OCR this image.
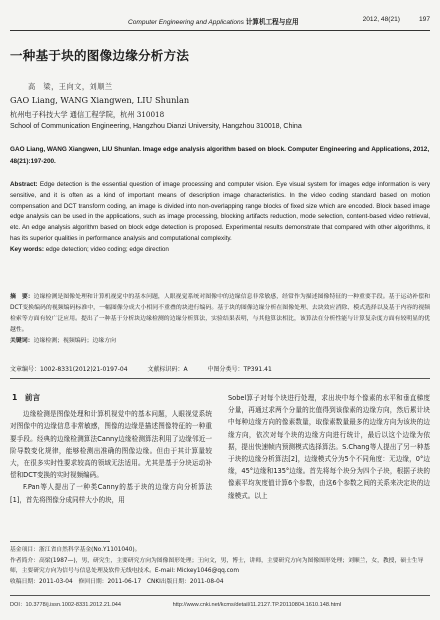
Computer Engineering and Applications 计算机工程与应用	2012, 48(21)	197
一种基于块的图像边缘分析方法
高　梁，王向文，刘顺兰
GAO Liang, WANG Xiangwen, LIU Shunlan
杭州电子科技大学 通信工程学院，杭州 310018
School of Communication Engineering, Hangzhou Dianzi University, Hangzhou 310018, China
GAO Liang, WANG Xiangwen, LIU Shunlan. Image edge analysis algorithm based on block. Computer Engineering and Applications, 2012, 48(21):197-200.
Abstract: Edge detection is the essential question of image processing and computer vision. Eye visual system for images edge information is very sensitive, and it is often as a kind of important means of description image characteristics. In the video coding standard based on motion compensation and DCT transform coding, an image is divided into non-overlapping range blocks of fixed size which are encoded. Block based image edge analysis can be used in the applications, such as image processing, blocking artifacts reduction, mode selection, content-based video retrieval, etc. An edge analysis algorithm based on block edge detection is proposed. Experimental results demonstrate that compared with other algorithms, it has its superior qualities in performance analysis and computational complexity.
Key words: edge detection; video coding; edge direction
摘　要：边缘检测是图像处理和计算机视觉中的基本问题，人眼视觉系统对图像中的边缘信息非常敏感，经常作为描述图像特征的一种重要手段。基于运动补偿和DCT变换编码的视频编码标准中，一幅图像分成大小相同不重叠的块进行编码。基于块的图像边缘分析在图像处理、去块效应消除、模式选择以及基于内容的视频检索等方面有较广泛应用。提出了一种基于分析块边缘检测的边缘分析算法，实验结果表明，与其他算法相比，该算法在分析性能与计算复杂度方面有较明显的优越性。
关键词：边缘检测；视频编码；边缘方向
文章编号：1002-8331(2012)21-0197-04	文献标识码：A	中图分类号：TP391.41
1　前言

边缘检测是图像处理和计算机视觉中的基本问题，人眼视觉系统对图像中的边缘信息非常敏感，图像的边缘是描述图像特征的一种重要手段。经典的边缘检测算法Canny边缘检测算法利用了边缘邻近一阶导数变化规律，能够检测出准确的图像边缘。但由于其计算量较大，在很多实时性要求较高的领域无法适用。尤其是基于分块运动补偿和DCT变换的实时视频编码。

F.Pan等人提出了一种类Canny的基于块的边缘方向分析算法[1]，首先将图像分成同样大小的块，用

Sobel算子对每个块进行处理，求出块中每个像素的水平和垂直梯度分量，再通过求两个分量的比值得到该像素的边缘方向，然后累计块中每种边缘方向的像素数量，取像素数量最多的边缘方向为该块的边缘方向，依次对每个块的边缘方向进行统计，最后以这个边缘为依据，提出快速帧内预测模式选择算法。S.Chang等人提出了另一种基于块的边缘分析算法[2]，边缘模式分为5个不同角度：无边缘，0°边缘，45°边缘和135°边缘。首先将每个块分为四个子块，根据子块的像素平均灰度值计算6个参数，由这6个参数之间的关系来决定块的边缘模式。以上

基金项目：浙江省自然科学基金(No.Y1101040)。
作者简介：高梁(1987—)，男，研究生，主要研究方向为图像图形处理；王向文，男，博士，讲师，主要研究方向为图像图形处理；刘顺兰，女，教授，硕士生导师，主要研究方向为信号与信息处理及软件无线电技术。E-mail: Mickey1046@qq.com
收稿日期：2011-03-04　修回日期：2011-06-17　CNKI出版日期：2011-08-04
DOI：10.3778/j.issn.1002-8331.2012.21.044	http://www.cnki.net/kcms/detail/11.2127.TP.20110804.1610.148.html
